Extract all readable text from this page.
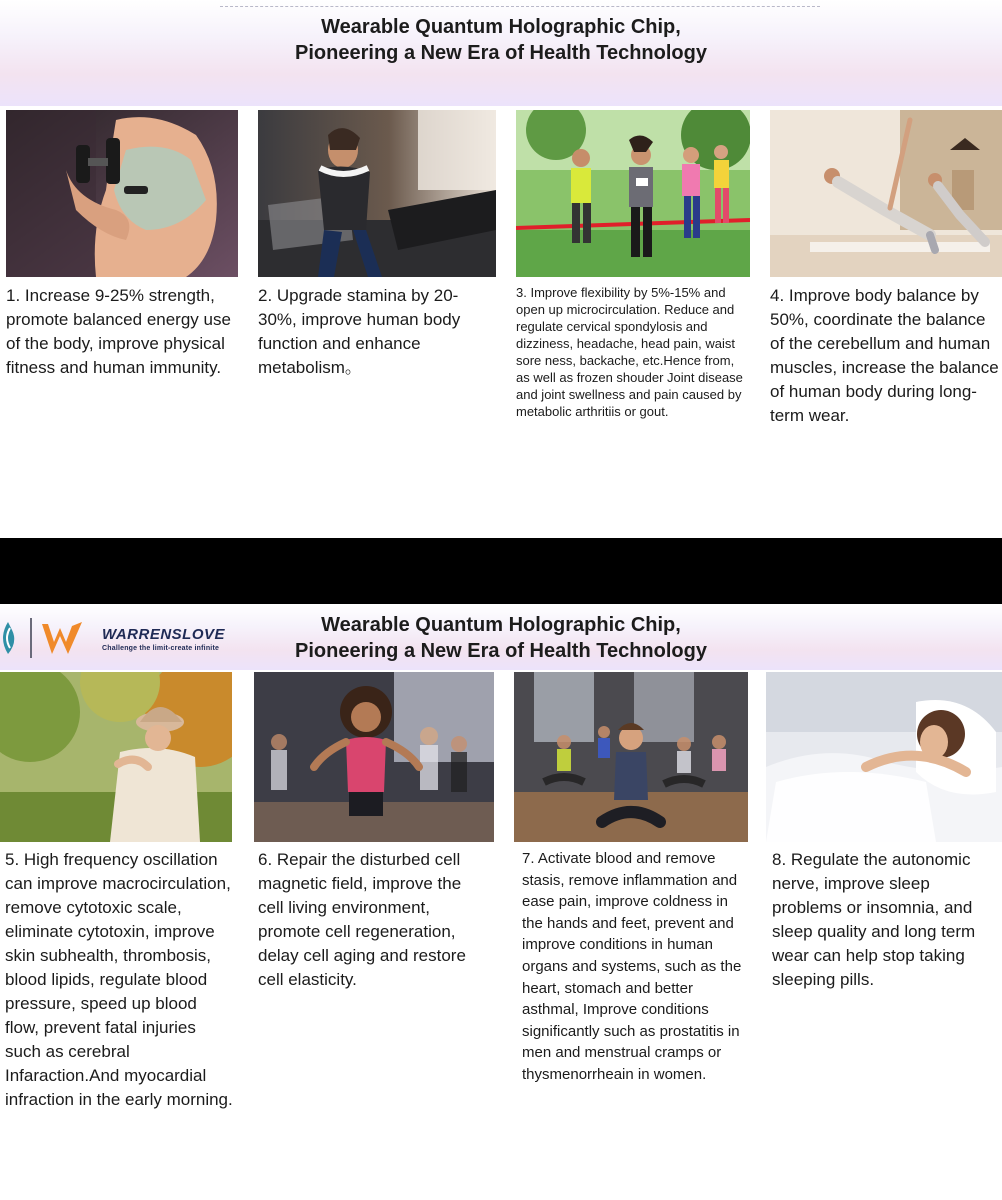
Wearable Quantum Holographic Chip,
Pioneering a New Era of Health Technology

1. Increase 9-25% strength, promote balanced energy use of the body, improve physical fitness and human immunity.

2. Upgrade stamina by 20-30%, improve human body function and enhance metabolism。

3. Improve flexibility by 5%-15% and open up microcirculation. Reduce and regulate cervical spondylosis and dizziness, headache, head pain, waist sore ness, backache, etc.Hence from, as well as frozen shouder Joint disease and joint swellness and pain caused by metabolic arthritiis or gout.

4. Improve body balance by 50%, coordinate the balance of the cerebellum and human muscles, increase the balance of human body during long-term wear.

WARRENSLOVE
Challenge the limit-create infinite
Wearable Quantum Holographic Chip,
Pioneering a New Era of Health Technology

5. High frequency oscillation can improve macrocirculation, remove cytotoxic scale, eliminate cytotoxin, improve skin subhealth, thrombosis, blood lipids, regulate blood pressure, speed up blood flow, prevent fatal injuries such as cerebral Infaraction.And myocardial infraction in the early morning.

6. Repair the disturbed cell magnetic field, improve the cell living environment, promote cell regeneration, delay cell aging and restore cell elasticity.

7. Activate blood and remove stasis, remove inflammation and ease pain, improve coldness in the hands and feet, prevent and improve conditions in human organs and systems, such as the heart, stomach and better asthmal, Improve conditions significantly such as prostatitis in men and menstrual cramps or thysmenorrheain in women.

8. Regulate the autonomic nerve, improve sleep problems or insomnia, and sleep quality and long term wear can help stop taking sleeping pills.
